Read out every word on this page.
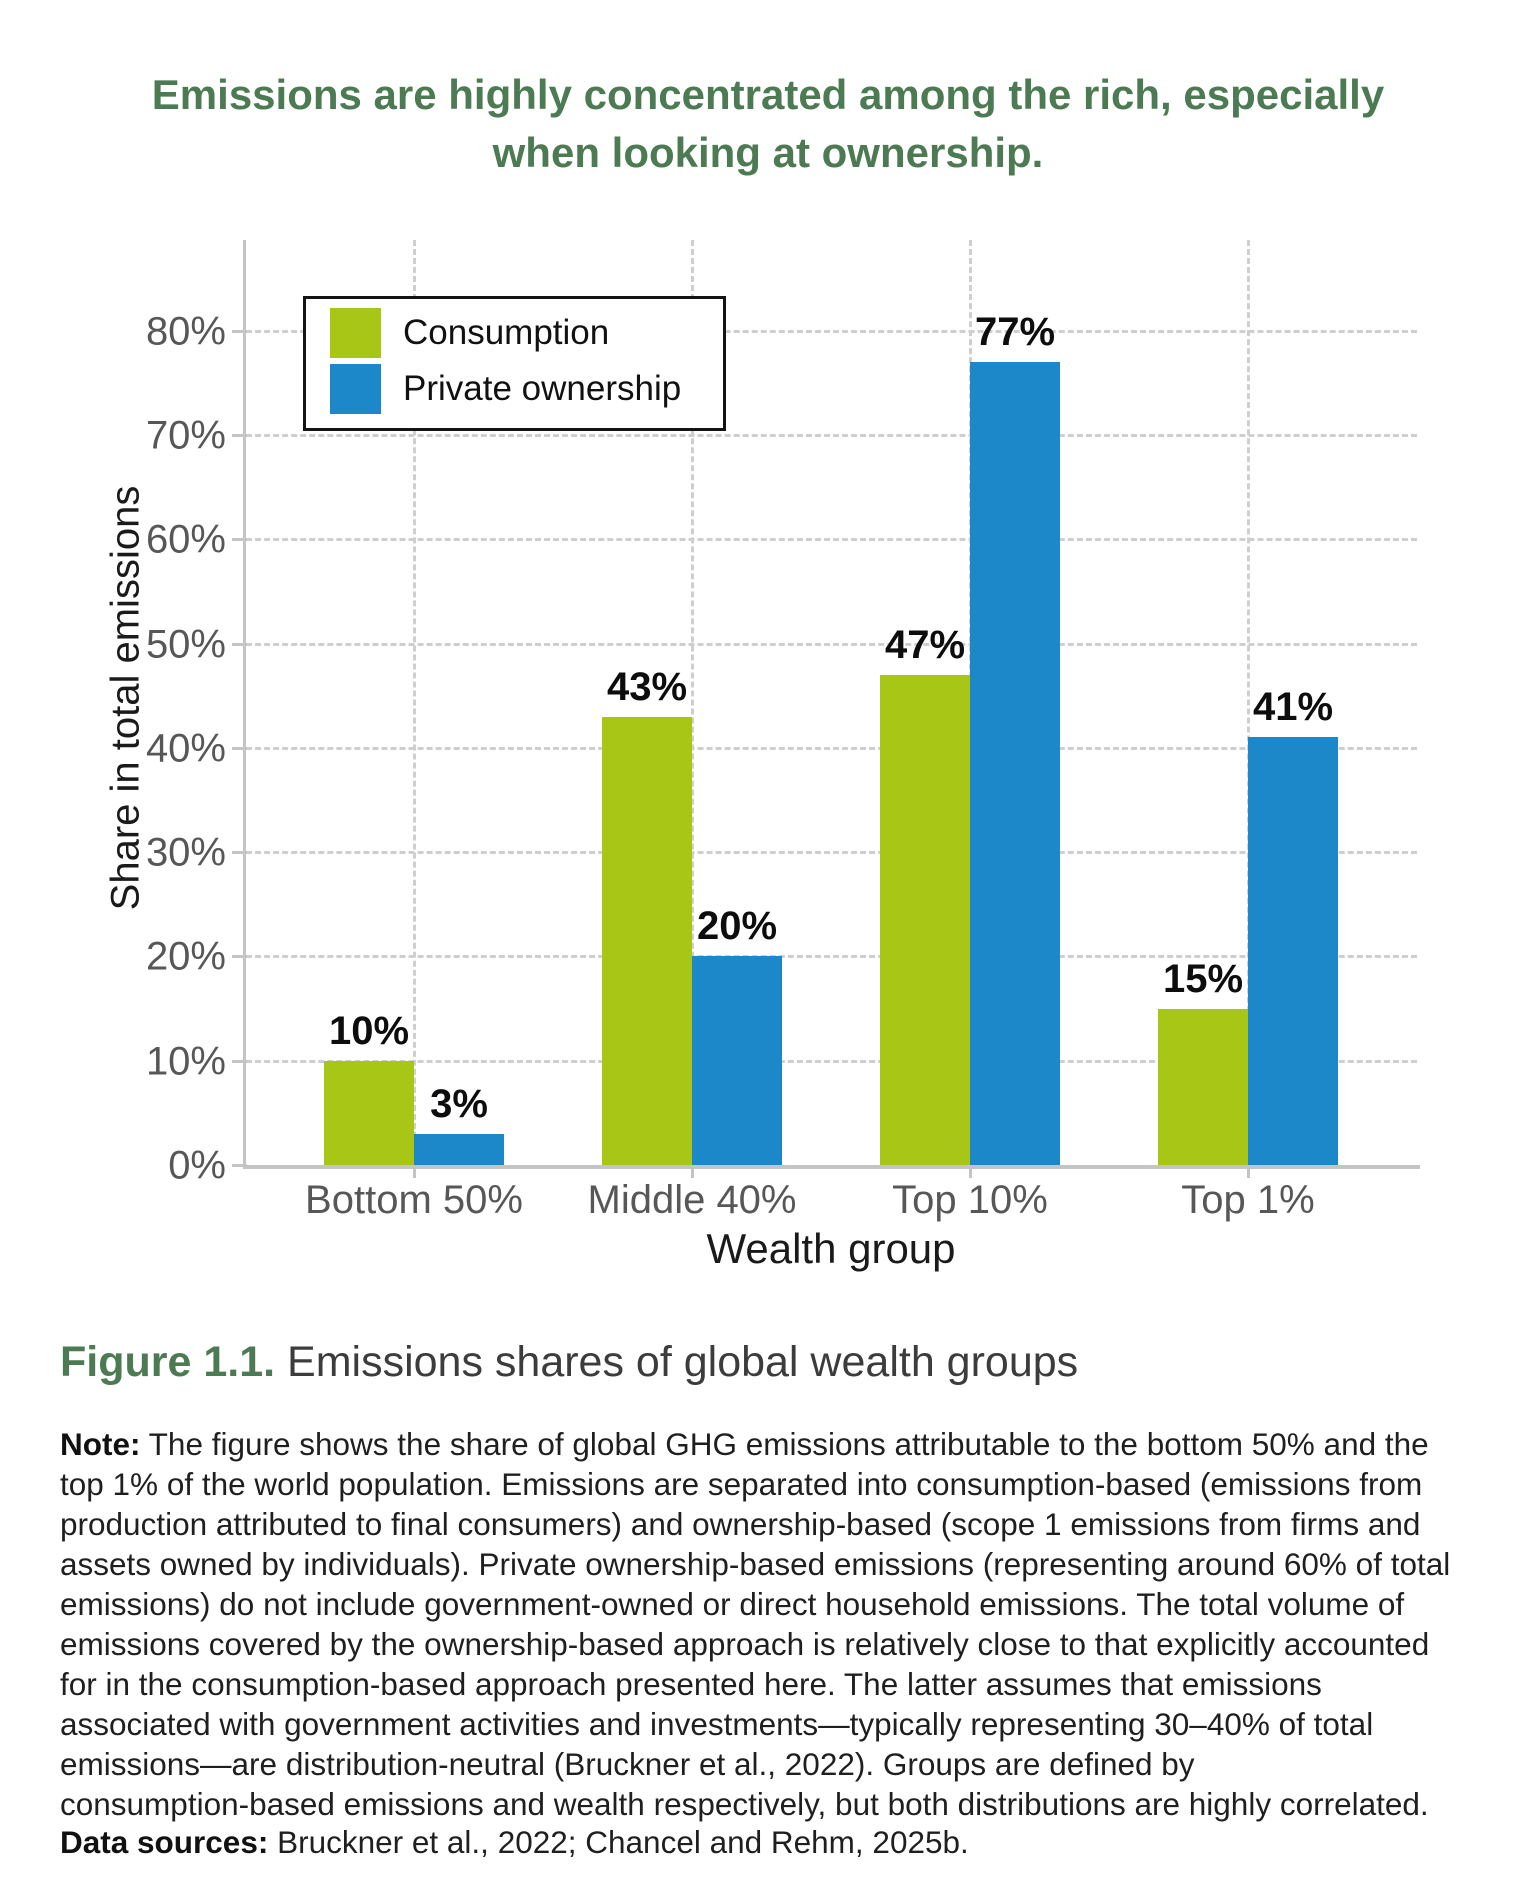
Emissions are highly concentrated among the rich, especially
when looking at ownership.
0%
10%
20%
30%
40%
50%
60%
70%
80%
Bottom 50% Middle 40% Top 10%	Top 1%
10%
43%
47%
15%
3%
20%
77%
41%
Share in total emissions
Wealth group
Consumption
Private ownership
Figure 1.1. Emissions shares of global wealth groups
Note: The figure shows the share of global GHG emissions attributable to the bottom 50% and the
top 1% of the world population. Emissions are separated into consumption-based (emissions from
production attributed to final consumers) and ownership-based (scope 1 emissions from firms and
assets owned by individuals). Private ownership-based emissions (representing around 60% of total
emissions) do not include government-owned or direct household emissions. The total volume of
emissions covered by the ownership-based approach is relatively close to that explicitly accounted
for in the consumption-based approach presented here. The latter assumes that emissions
associated with government activities and investments—typically representing 30–40% of total
emissions—are distribution-neutral (Bruckner et al., 2022). Groups are defined by
consumption-based emissions and wealth respectively, but both distributions are highly correlated.
Data sources: Bruckner et al., 2022; Chancel and Rehm, 2025b.
